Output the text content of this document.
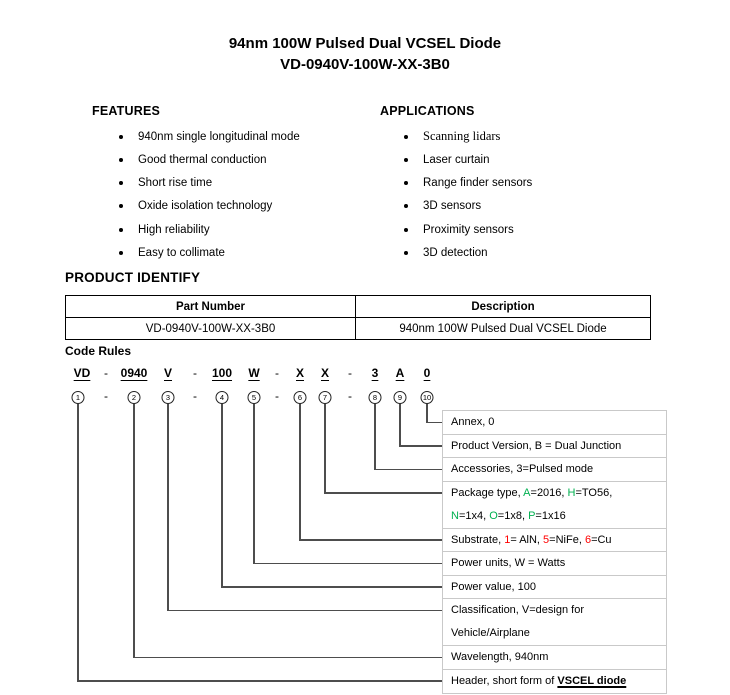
94nm 100W Pulsed Dual VCSEL Diode
VD-0940V-100W-XX-3B0
FEATURES
940nm single longitudinal mode
Good thermal conduction
Short rise time
Oxide isolation technology
High reliability
Easy to collimate
APPLICATIONS
Scanning lidars
Laser curtain
Range finder sensors
3D sensors
Proximity sensors
3D detection
PRODUCT IDENTIFY
Part Number	Description
VD-0940V-100W-XX-3B0	940nm 100W Pulsed Dual VCSEL Diode
Code Rules
VD	0940 V	100 W	X X	3 A 0
-	-	-	-
1	2	3	4	5	6	7	8	9	10
-	-	-	-
Annex, 0
Product Version, B = Dual Junction
Accessories, 3=Pulsed mode
Package type, A=2016, H=TO56,
N=1x4, O=1x8, P=1x16
Substrate, 1= AlN, 5=NiFe, 6=Cu
Power units, W = Watts
Power value, 100
Classification, V=design for
Vehicle/Airplane
Wavelength, 940nm
Header, short form of VSCEL diode
